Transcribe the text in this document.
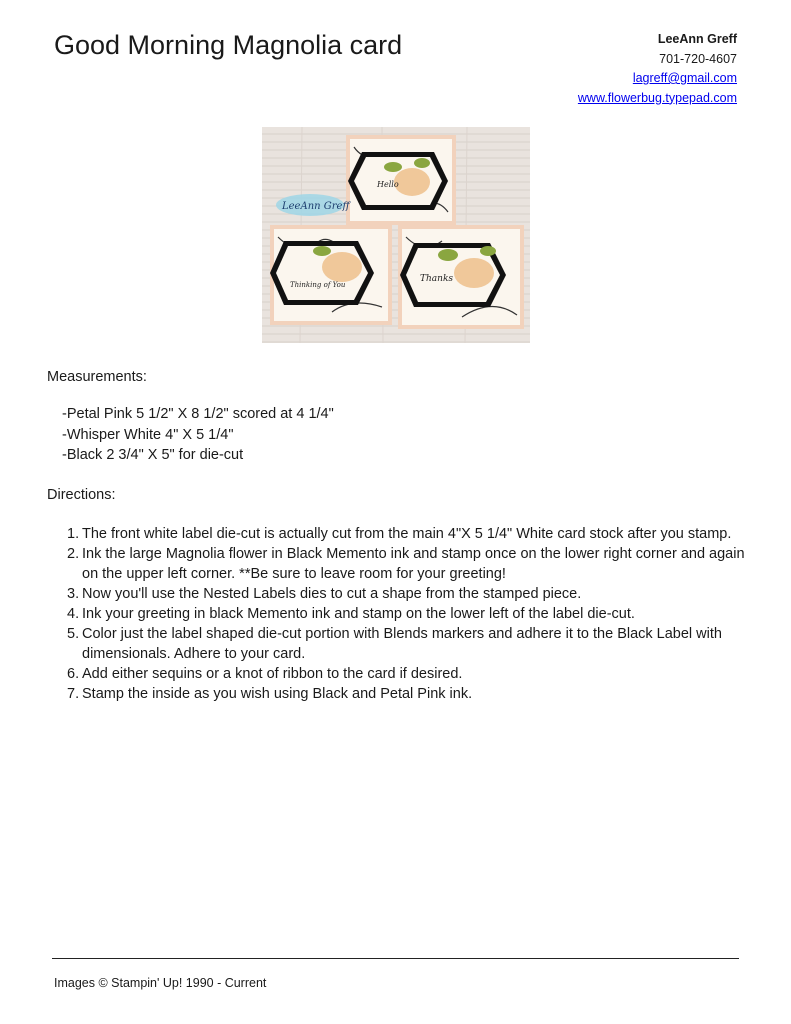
Good Morning Magnolia card	LeeAnn Greff
701-720-4607
lagreff@gmail.com
www.flowerbug.typepad.com
Hello
Thinking of You
Thanks
LeeAnn Greff

Measurements:

-Petal Pink 5 1/2" X 8 1/2" scored at 4 1/4"
-Whisper White 4" X 5 1/4"
-Black 2 3/4" X 5" for die-cut

Directions:

1. The front white label die-cut is actually cut from the main 4"X 5 1/4" White card stock after you stamp.
2. Ink the large Magnolia flower in Black Memento ink and stamp once on the lower right corner and again on the upper left corner. **Be sure to leave room for your greeting!
3. Now you'll use the Nested Labels dies to cut a shape from the stamped piece.
4. Ink your greeting in black Memento ink and stamp on the lower left of the label die-cut.
5. Color just the label shaped die-cut portion with Blends markers and adhere it to the Black Label with dimensionals. Adhere to your card.
6. Add either sequins or a knot of ribbon to the card if desired.
7. Stamp the inside as you wish using Black and Petal Pink ink.
Images © Stampin' Up! 1990 - Current
